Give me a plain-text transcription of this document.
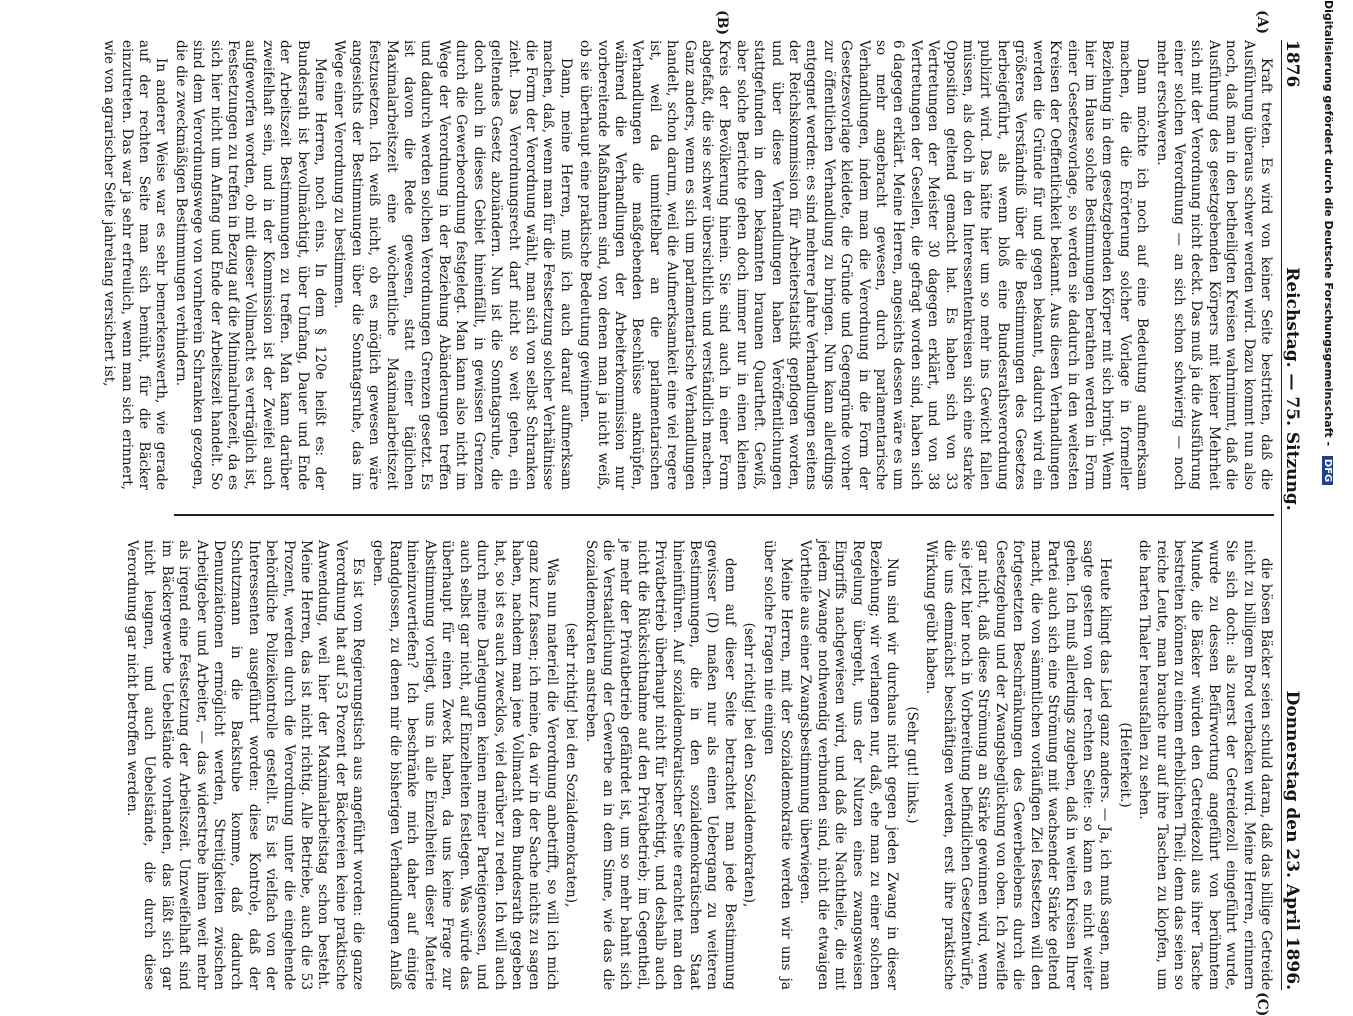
1876
Reichstag. — 75. Sitzung.
Donnerstag den 23. April 1896.
(A)
(B)
(C)

Kraft treten. Es wird von keiner Seite bestritten, daß die Ausführung überaus schwer werden wird. Dazu kommt nun also noch, daß man in den betheiligten Kreisen wahrnimmt, daß die Ausführung des gesetzgebenden Körpers mit keiner Mehrheit sich mit der Verordnung nicht deckt. Das muß ja die Ausführung einer solchen Verordnung — an sich schon schwierig — noch mehr erschweren.

Dann möchte ich noch auf eine Bedeutung aufmerksam machen, die die Erörterung solcher Vorlage in formeller Beziehung in dem gesetzgebenden Körper mit sich bringt. Wenn hier im Hause solche Bestimmungen berathen werden in Form einer Gesetzesvorlage, so werden sie dadurch in den weitesten Kreisen der Oeffentlichkeit bekannt. Aus diesen Verhandlungen werden die Gründe für und gegen bekannt, dadurch wird ein größeres Verständniß über die Bestimmungen des Gesetzes herbeigeführt, als wenn bloß eine Bundesrathsverordnung publizirt wird. Das hätte hier um so mehr ins Gewicht fallen müssen, als doch in den Interessentenkreisen sich eine starke Opposition geltend gemacht hat. Es haben sich von 33 Vertretungen der Meister 30 dagegen erklärt, und von 38 Vertretungen der Gesellen, die gefragt worden sind, haben sich 6 dagegen erklärt. Meine Herren, angesichts dessen wäre es um so mehr angebracht gewesen, durch parlamentarische Verhandlungen, indem man die Verordnung in die Form der Gesetzesvorlage kleidete, die Gründe und Gegengründe vorher zur öffentlichen Verhandlung zu bringen. Nun kann allerdings entgegnet werden: es sind mehrere Jahre Verhandlungen seitens der Reichskommission für Arbeiterstatistik gepflogen worden, und über diese Verhandlungen haben Veröffentlichungen stattgefunden in dem bekannten braunen Quartheft. Gewiß, aber solche Berichte gehen doch immer nur in einen kleinen Kreis der Bevölkerung hinein. Sie sind auch in einer Form abgefaßt, die sie schwer übersichtlich und verständlich machen. Ganz anders, wenn es sich um parlamentarische Verhandlungen handelt, schon darum, weil die Aufmerksamkeit eine viel regere ist, weil da unmittelbar an die parlamentarischen Verhandlungen die maßgebenden Beschlüsse anknüpfen, während die Verhandlungen der Arbeiterkommission nur vorbereitende Maßnahmen sind, von denen man ja nicht weiß, ob sie überhaupt eine praktische Bedeutung gewinnen.

Dann, meine Herren, muß ich auch darauf aufmerksam machen, daß, wenn man für die Festsetzung solcher Verhältnisse die Form der Verordnung wählt, man sich von selbst Schranken zieht. Das Verordnungsrecht darf nicht so weit gehen, ein geltendes Gesetz abzuändern. Nun ist die Sonntagsruhe, die doch auch in dieses Gebiet hineinfällt, in gewissen Grenzen durch die Gewerbeordnung festgelegt. Man kann also nicht im Wege der Verordnung in der Beziehung Abänderungen treffen und dadurch werden solchen Verordnungen Grenzen gesetzt. Es ist davon die Rede gewesen, statt einer täglichen Maximalarbeitszeit eine wöchentliche Maximalarbeitszeit festzusetzen. Ich weiß nicht, ob es möglich gewesen wäre angesichts der Bestimmungen über die Sonntagsruhe, das im Wege einer Verordnung zu bestimmen.

Meine Herren, noch eins. In dem § 120e heißt es: der Bundesrath ist bevollmächtigt, über Umfang, Dauer und Ende der Arbeitszeit Bestimmungen zu treffen. Man kann darüber zweifelhaft sein, und in der Kommission ist der Zweifel auch aufgeworfen worden, ob mit dieser Vollmacht es verträglich ist, Festsetzungen zu treffen in Bezug auf die Minimalruhezeit, da es sich hier nicht um Anfang und Ende der Arbeitszeit handelt. So sind dem Verordnungswege von vornherein Schranken gezogen, die die zweckmäßigen Bestimmungen verhindern.

In anderer Weise war es sehr bemerkenswerth, wie gerade auf der rechten Seite man sich bemüht, für die Bäcker einzutreten. Das war ja sehr erfreulich, wenn man sich erinnert, wie von agrarischer Seite jahrelang versichert ist,

die bösen Bäcker seien schuld daran, daß das billige Getreide nicht zu billigem Brod verbacken wird. Meine Herren, erinnern Sie sich doch: als zuerst der Getreidezoll eingeführt wurde, wurde zu dessen Befürwortung angeführt von berühmtem Munde, die Bäcker würden den Getreidezoll aus ihrer Tasche bestreiten können zu einem erheblichen Theil; denn das seien so reiche Leute, man brauche nur auf ihre Taschen zu klopfen, um die harten Thaler herausfallen zu sehen.

(Heiterkeit.)

Heute klingt das Lied ganz anders. — Ja, ich muß sagen, man sagte gestern von der rechten Seite: so kann es nicht weiter gehen. Ich muß allerdings zugeben, daß in weiten Kreisen Ihrer Partei auch sich eine Strömung mit wachsender Stärke geltend macht, die von sämmtlichen vorläufigen Ziel festsetzen will den fortgesetzten Beschränkungen des Gewerbelebens durch die Gesetzgebung und der Zwangsbeglückung von oben. Ich zweifle gar nicht, daß diese Strömung an Stärke gewinnen wird, wenn sie jetzt hier noch in Vorbereitung befindlichen Gesetzentwürfe, die uns demnächst beschäftigen werden, erst ihre praktische Wirkung geübt haben.

(Sehr gut! links.)

Nun sind wir durchaus nicht gegen jeden Zwang in dieser Beziehung; wir verlangen nur, daß, ehe man zu einer solchen Regelung übergeht, uns der Nutzen eines zwangsweisen Eingriffs nachgewiesen wird, und daß die Nachtheile, die mit jedem Zwange nothwendig verbunden sind, nicht die etwaigen Vortheile aus einer Zwangsbestimmung überwiegen.

Meine Herren, mit der Sozialdemokratie werden wir uns ja über solche Fragen nie einigen

(sehr richtig! bei den Sozialdemokraten),

denn auf dieser Seite betrachtet man jede Bestimmung gewisser (D) maßen nur als einen Uebergang zu weiteren Bestimmungen, die in den sozialdemokratischen Staat hineinführen. Auf sozialdemokratischer Seite erachtet man den Privatbetrieb überhaupt nicht für berechtigt, und deshalb auch nicht die Rücksichtnahme auf den Privatbetrieb; im Gegentheil, je mehr der Privatbetrieb gefährdet ist, um so mehr bahnt sich die Verstaatlichung der Gewerbe an in dem Sinne, wie das die Sozialdemokraten anstreben.

(sehr richtig! bei den Sozialdemokraten),

Was nun materiell die Verordnung anbetrifft, so will ich mich ganz kurz fassen; ich meine, da wir in der Sache nichts zu sagen haben, nachdem man jene Vollmacht dem Bundesrath gegeben hat, so ist es auch zwecklos, viel darüber zu reden. Ich will auch durch meine Darlegungen keinen meiner Parteigenossen, und auch selbst gar nicht, auf Einzelheiten festlegen. Was würde das überhaupt für einen Zweck haben, da uns keine Frage zur Abstimmung vorliegt, uns in alle Einzelheiten dieser Materie hineinzuvertiefen? Ich beschränke mich daher auf einige Randglossen, zu denen mir die bisherigen Verhandlungen Anlaß geben.

Es ist vom Regierungstisch aus angeführt worden: die ganze Verordnung hat auf 53 Prozent der Bäckereien keine praktische Anwendung, weil hier der Maximalarbeitstag schon besteht. Meine Herren, das ist nicht richtig. Alle Betriebe, auch die 53 Prozent, werden durch die Verordnung unter die eingehende behördliche Polizeikontrolle gestellt. Es ist vielfach von der Interessenten ausgeführt worden: diese Kontrole, daß der Schutzmann in die Backstube komme, daß dadurch Denunziationen ermöglicht werden, Streitigkeiten zwischen Arbeitgeber und Arbeiter, — das widerstrebe ihnen weit mehr als irgend eine Festsetzung der Arbeitszeit. Unzweifelhaft sind im Bäckergewerbe Uebelstände vorhanden, das läßt sich gar nicht leugnen, und auch Uebelstände, die durch diese Verordnung gar nicht betroffen werden.

Digitalisierung gefördert durch die Deutsche Forschungsgemeinschaft - DFG
